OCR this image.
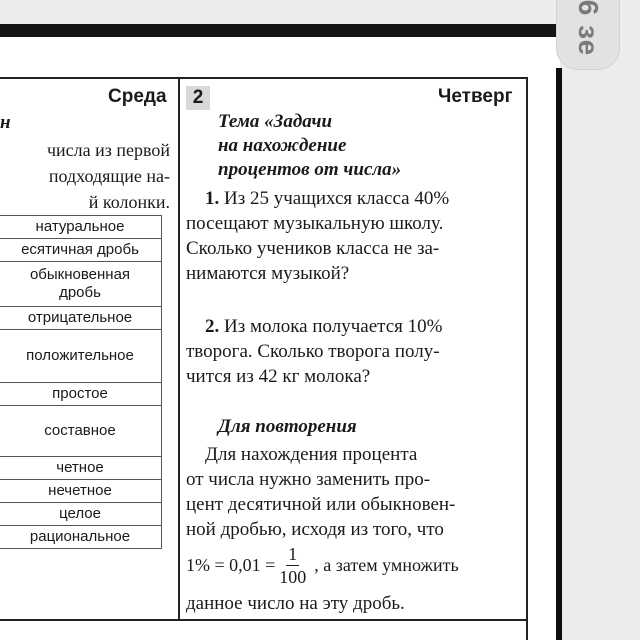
6 зе
Среда
н
числа из первой
подходящие на-
й колонки.
натуральное
есятичная дробь
обыкновенная
дробь
отрицательное
положительное
простое
составное
четное
нечетное
целое
рациональное
2	Четверг
Тема «Задачи
на нахождение
процентов от числа»
 1. Из 25 учащихся класса 40%
посещают музыкальную школу.
Сколько учеников класса не за-
нимаются музыкой?
 2. Из молока получается 10%
творога. Сколько творога полу-
чится из 42 кг молока?
Для повторения
 Для нахождения процента
от числа нужно заменить про-
цент десятичной или обыкновен-
ной дробью, исходя из того, что
$1\% = 0,01 = \frac{1}{100}$ , а затем умножить
данное число на эту дробь.
